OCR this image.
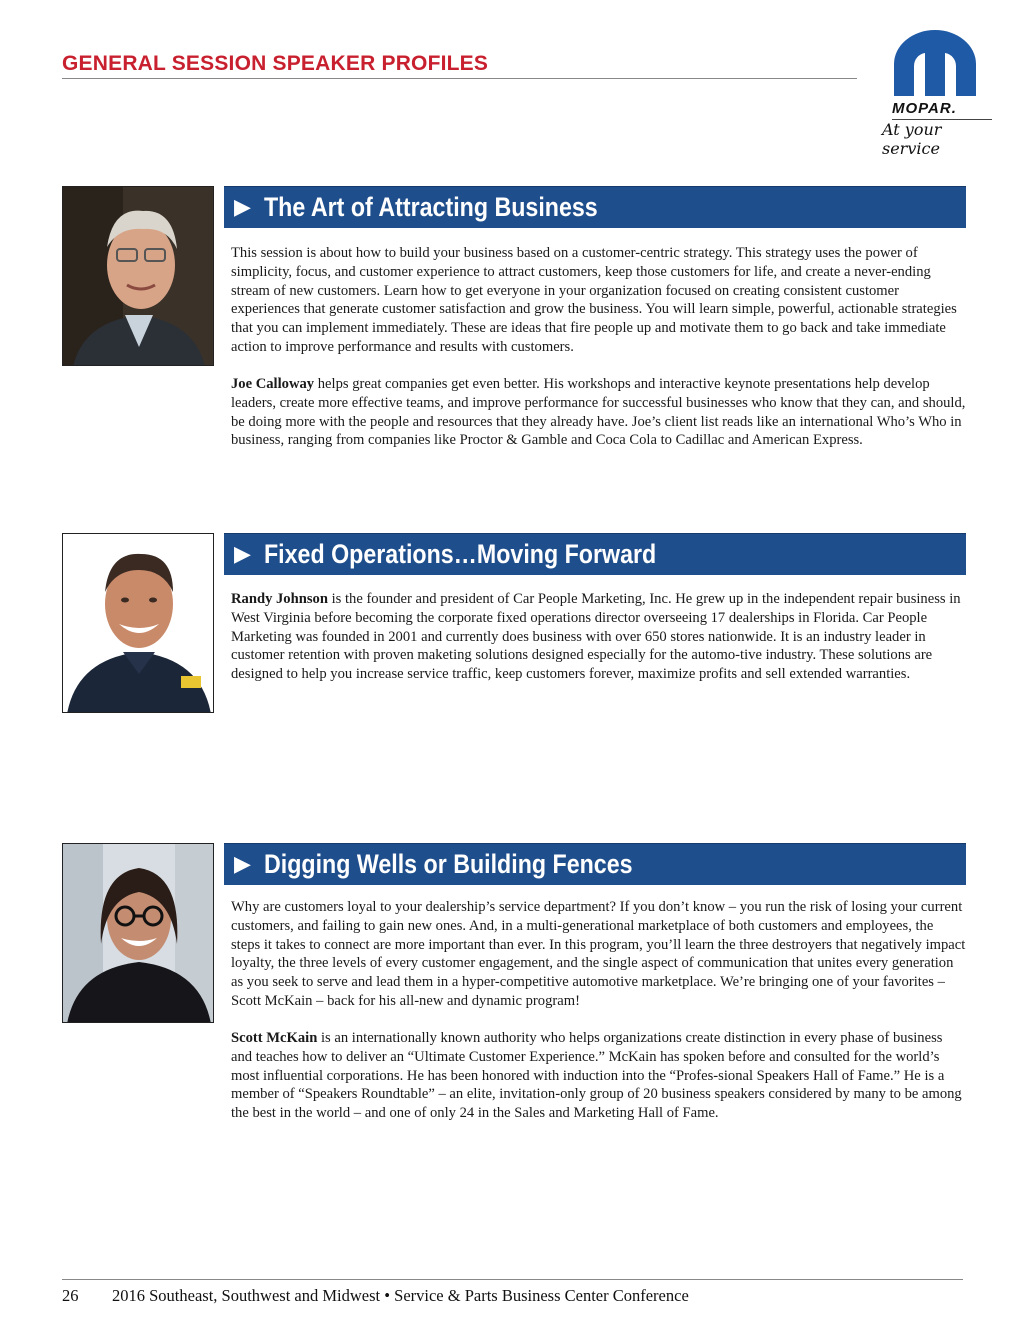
GENERAL SESSION SPEAKER PROFILES
MOPAR.
At your service
▶ The Art of Attracting Business

This session is about how to build your business based on a customer-centric strategy. This strategy uses the power of simplicity, focus, and customer experience to attract customers, keep those customers for life, and create a never-ending stream of new customers. Learn how to get everyone in your organization focused on creating consistent customer experiences that generate customer satisfaction and grow the business. You will learn simple, powerful, actionable strategies that you can implement immediately. These are ideas that fire people up and motivate them to go back and take immediate action to improve performance and results with customers.

Joe Calloway helps great companies get even better. His workshops and interactive keynote presentations help develop leaders, create more effective teams, and improve performance for successful businesses who know that they can, and should, be doing more with the people and resources that they already have. Joe’s client list reads like an international Who’s Who in business, ranging from companies like Proctor & Gamble and Coca Cola to Cadillac and American Express.

▶ Fixed Operations…Moving Forward

Randy Johnson is the founder and president of Car People Marketing, Inc. He grew up in the independent repair business in West Virginia before becoming the corporate fixed operations director overseeing 17 dealerships in Florida. Car People Marketing was founded in 2001 and currently does business with over 650 stores nationwide. It is an industry leader in customer retention with proven maketing solutions designed especially for the automo-tive industry. These solutions are designed to help you increase service traffic, keep customers forever, maximize profits and sell extended warranties.

▶ Digging Wells or Building Fences

Why are customers loyal to your dealership’s service department? If you don’t know – you run the risk of losing your current customers, and failing to gain new ones. And, in a multi-generational marketplace of both customers and employees, the steps it takes to connect are more important than ever. In this program, you’ll learn the three destroyers that negatively impact loyalty, the three levels of every customer engagement, and the single aspect of communication that unites every generation as you seek to serve and lead them in a hyper-competitive automotive marketplace. We’re bringing one of your favorites – Scott McKain – back for his all-new and dynamic program!

Scott McKain is an internationally known authority who helps organizations create distinction in every phase of business and teaches how to deliver an “Ultimate Customer Experience.” McKain has spoken before and consulted for the world’s most influential corporations. He has been honored with induction into the “Profes-sional Speakers Hall of Fame.” He is a member of “Speakers Roundtable” – an elite, invitation-only group of 20 business speakers considered by many to be among the best in the world – and one of only 24 in the Sales and Marketing Hall of Fame.

26 2016 Southeast, Southwest and Midwest • Service & Parts Business Center Conference
